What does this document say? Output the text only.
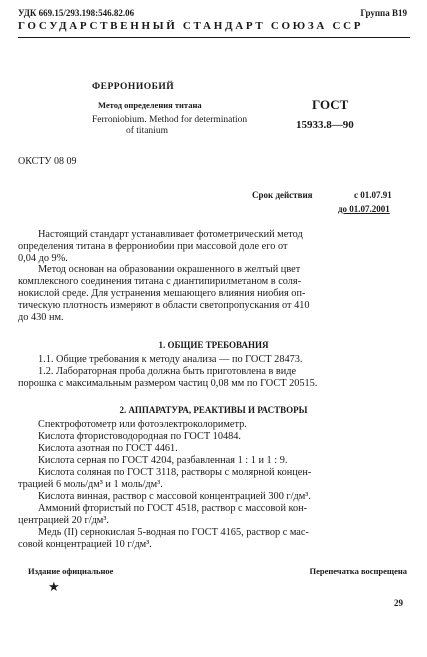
УДК 669.15/293.198:546.82.06	Группа В19
ГОСУДАРСТВЕННЫЙ СТАНДАРТ СОЮЗА ССР
ФЕРРОНИОБИЙ
Метод определения титана
Ferroniobium. Method for determination
of titanium
ГОСТ
15933.8—90
ОКСТУ 08 09
Срок действия	с 01.07.91
до 01.07.2001
Настоящий стандарт устанавливает фотометрический метод
определения титана в феррониобии при массовой доле его от
0,04 до 9%.
Метод основан на образовании окрашенного в желтый цвет
комплексного соединения титана с диантипирилметаном в соля-
нокислой среде. Для устранения мешающего влияния ниобия оп-
тическую плотность измеряют в области светопропускания от 410
до 430 нм.
1. ОБЩИЕ ТРЕБОВАНИЯ
1.1. Общие требования к методу анализа — по ГОСТ 28473.
1.2. Лабораторная проба должна быть приготовлена в виде
порошка с максимальным размером частиц 0,08 мм по ГОСТ 20515.
2. АППАРАТУРА, РЕАКТИВЫ И РАСТВОРЫ
Спектрофотометр или фотоэлектроколориметр.
Кислота фтористоводородная по ГОСТ 10484.
Кислота азотная по ГОСТ 4461.
Кислота серная по ГОСТ 4204, разбавленная 1 : 1 и 1 : 9.
Кислота соляная по ГОСТ 3118, растворы с молярной концен-
трацией 6 моль/дм³ и 1 моль/дм³.
Кислота винная, раствор с массовой концентрацией 300 г/дм³.
Аммоний фтористый по ГОСТ 4518, раствор с массовой кон-
центрацией 20 г/дм³.
Медь (II) сернокислая 5-водная по ГОСТ 4165, раствор с мас-
совой концентрацией 10 г/дм³.
Издание официальное
★
Перепечатка воспрещена
29
